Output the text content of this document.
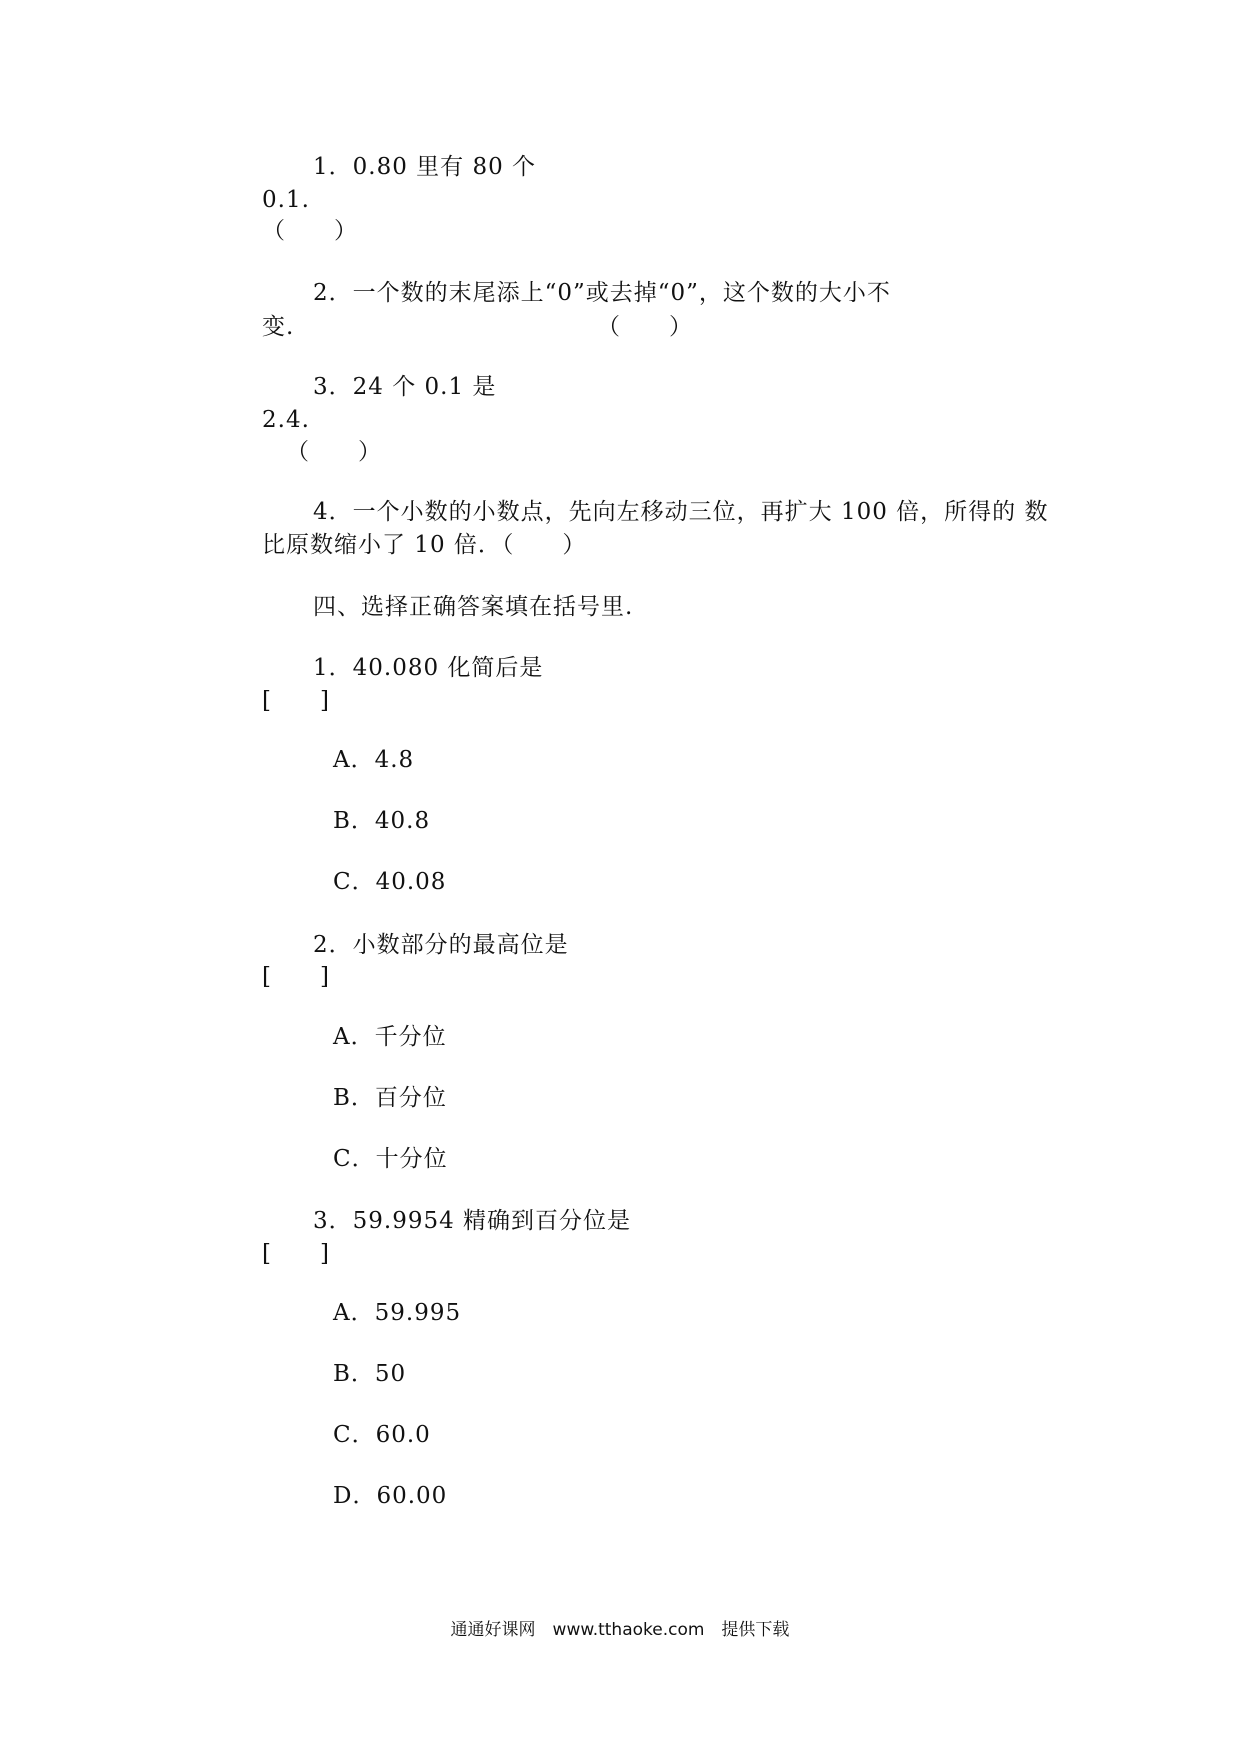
1．0.80 里有 80 个
0.1.
（　　）
2．一个数的末尾添上“0”或去掉“0”，这个数的大小不
变.	（　　）
3．24 个 0.1 是
2.4.
（　　）
4．一个小数的小数点，先向左移动三位，再扩大 100 倍，所得的 数
比原数缩小了 10 倍．（　　）
四、选择正确答案填在括号里.
1．40.080 化简后是
[　　]
A．4.8
B．40.8
C．40.08
2．小数部分的最高位是
[　　]
A．千分位
B．百分位
C．十分位
3．59.9954 精确到百分位是
[　　]
A．59.995
B．50
C．60.0
D．60.00
通通好课网　www.tthaoke.com　提供下载
